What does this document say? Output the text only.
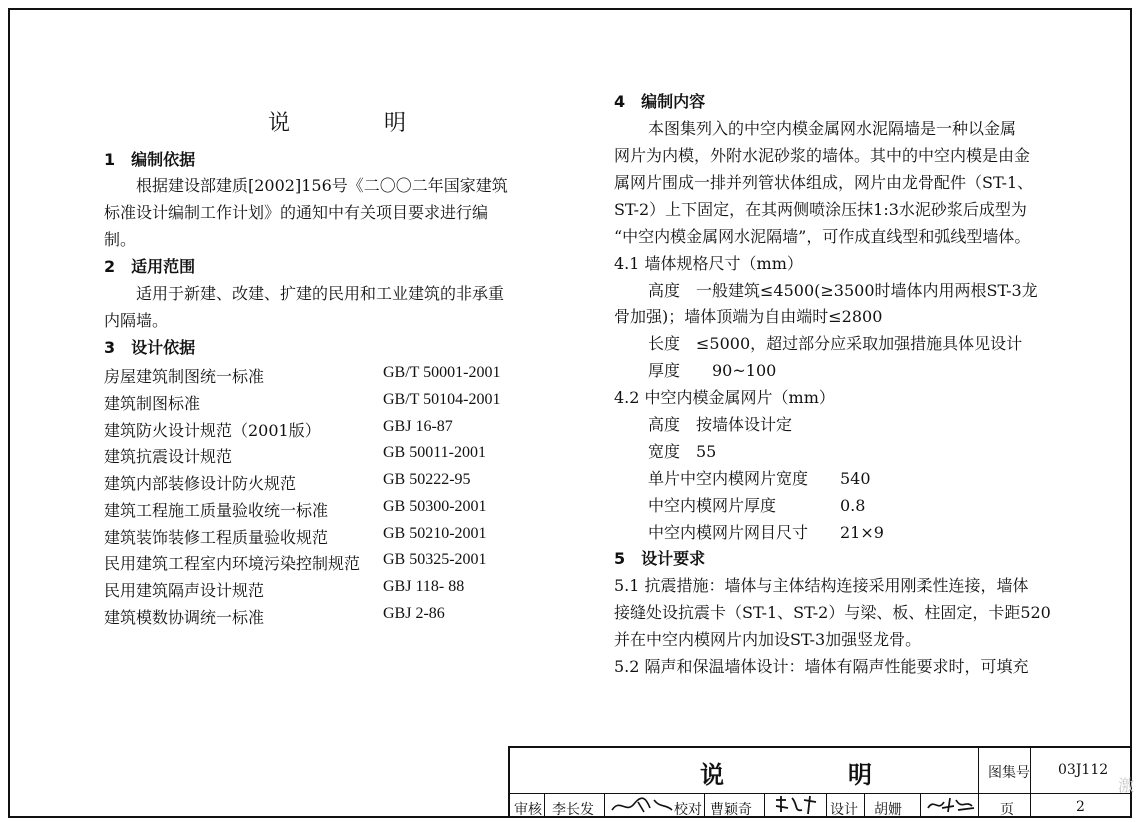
说　明
1　编制依据
根据建设部建质[2002]156号《二〇〇二年国家建筑
标准设计编制工作计划》的通知中有关项目要求进行编
制。
2　适用范围
适用于新建、改建、扩建的民用和工业建筑的非承重
内隔墙。
3　设计依据
房屋建筑制图统一标准	GB/T 50001-2001
建筑制图标准	GB/T 50104-2001
建筑防火设计规范（2001版）	GBJ 16-87
建筑抗震设计规范	GB 50011-2001
建筑内部装修设计防火规范	GB 50222-95
建筑工程施工质量验收统一标准	GB 50300-2001
建筑装饰装修工程质量验收规范	GB 50210-2001
民用建筑工程室内环境污染控制规范 GB 50325-2001
民用建筑隔声设计规范	GBJ 118- 88
建筑模数协调统一标准	GBJ 2-86
4　编制内容
本图集列入的中空内模金属网水泥隔墙是一种以金属
网片为内模，外附水泥砂浆的墙体。其中的中空内模是由金
属网片围成一排并列管状体组成，网片由龙骨配件（ST-1、
ST-2）上下固定，在其两侧喷涂压抹1:3水泥砂浆后成型为
“中空内模金属网水泥隔墙”，可作成直线型和弧线型墙体。
4.1 墙体规格尺寸（mm）
高度　一般建筑≤4500(≥3500时墙体内用两根ST-3龙
骨加强)；墙体顶端为自由端时≤2800
长度　≤5000，超过部分应采取加强措施具体见设计
厚度　　90~100
4.2 中空内模金属网片（mm）
高度　按墙体设计定
宽度　55
单片中空内模网片宽度　　540
中空内模网片厚度　　　　0.8
中空内模网片网目尺寸　　21×9
5　设计要求
5.1 抗震措施：墙体与主体结构连接采用刚柔性连接，墙体
接缝处设抗震卡（ST-1、ST-2）与梁、板、柱固定，卡距520
并在中空内模网片内加设ST-3加强竖龙骨。
5.2 隔声和保温墙体设计：墙体有隔声性能要求时，可填充
说　明	图集号 03J112
审核 李长发	校对 曹颖奇	设计 胡姗	页	2
激
